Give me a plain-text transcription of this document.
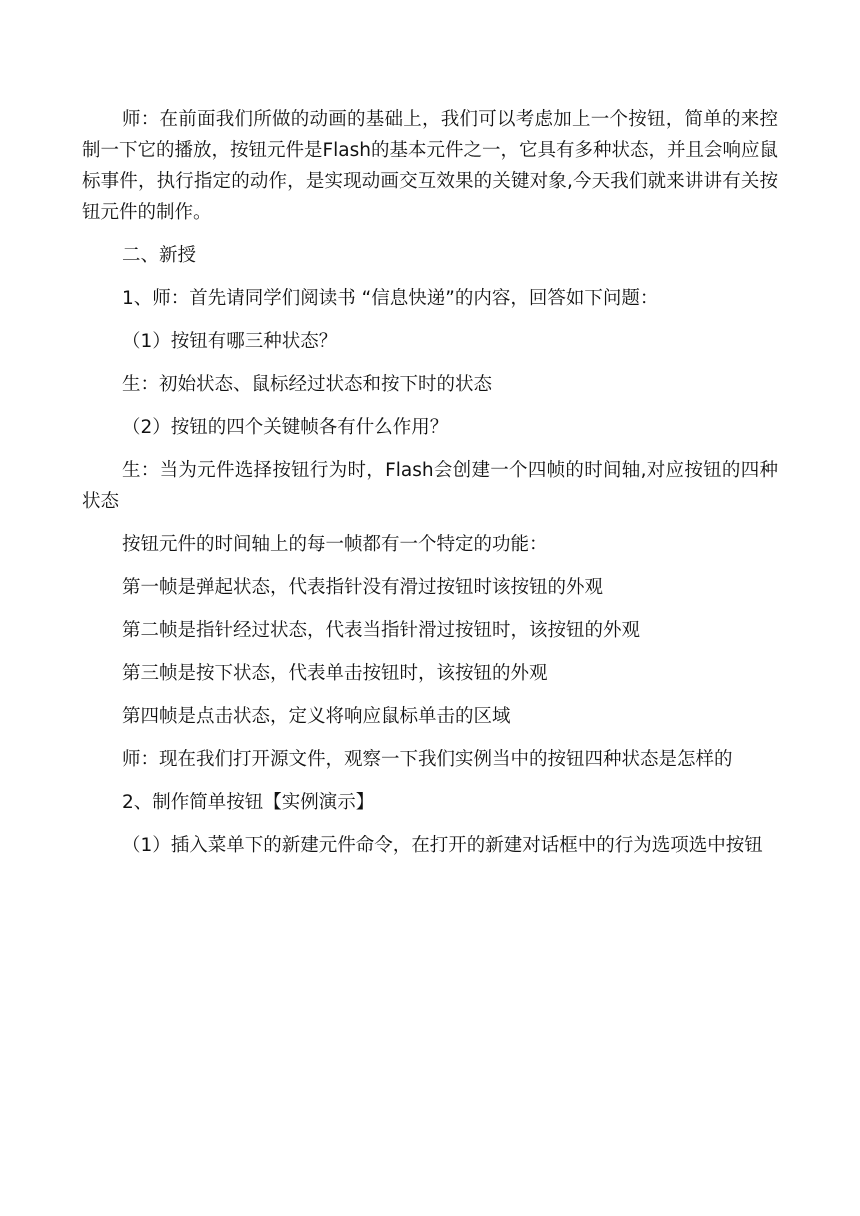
师：在前面我们所做的动画的基础上，我们可以考虑加上一个按钮，简单的来控制一下它的播放，按钮元件是Flash的基本元件之一，它具有多种状态，并且会响应鼠标事件，执行指定的动作，是实现动画交互效果的关键对象,今天我们就来讲讲有关按钮元件的制作。

二、新授

1、师：首先请同学们阅读书 “信息快递”的内容，回答如下问题：

（1）按钮有哪三种状态？

生：初始状态、鼠标经过状态和按下时的状态

（2）按钮的四个关键帧各有什么作用？

生：当为元件选择按钮行为时，Flash会创建一个四帧的时间轴,对应按钮的四种状态

按钮元件的时间轴上的每一帧都有一个特定的功能：

第一帧是弹起状态，代表指针没有滑过按钮时该按钮的外观

第二帧是指针经过状态，代表当指针滑过按钮时，该按钮的外观

第三帧是按下状态，代表单击按钮时，该按钮的外观

第四帧是点击状态，定义将响应鼠标单击的区域

师：现在我们打开源文件，观察一下我们实例当中的按钮四种状态是怎样的

2、制作简单按钮【实例演示】

（1）插入菜单下的新建元件命令，在打开的新建对话框中的行为选项选中按钮
